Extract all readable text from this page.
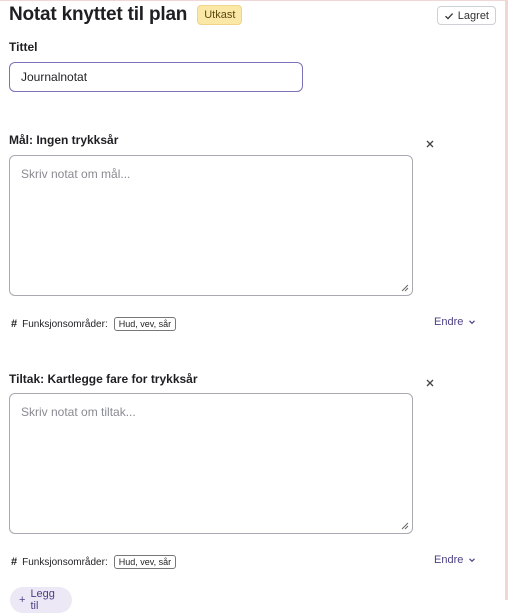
Notat knyttet til plan	Utkast	Lagret
Tittel
Journalnotat
Mål: Ingen trykksår
Skriv notat om mål...
# Funksjonsområder:	Hud, vev, sår	Endre
Tiltak: Kartlegge fare for trykksår
Skriv notat om tiltak...
# Funksjonsområder:	Hud, vev, sår	Endre
+ Legg til
